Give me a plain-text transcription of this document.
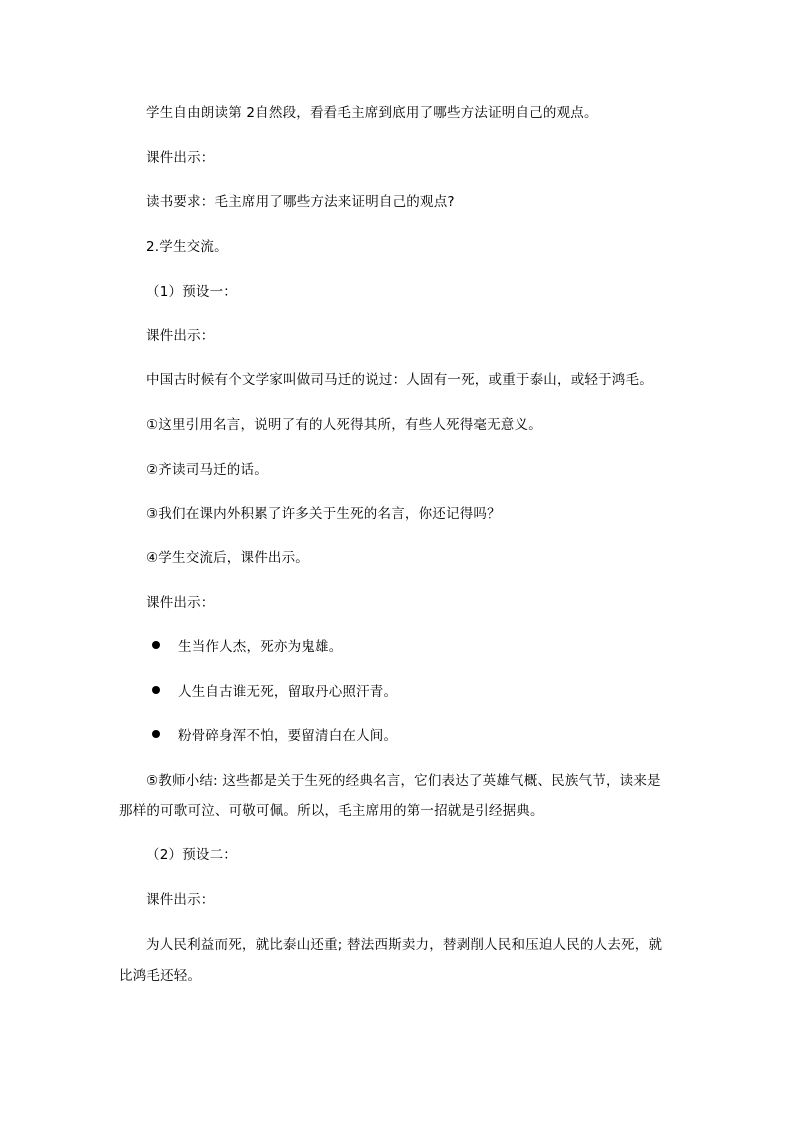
学生自由朗读第 2自然段，看看毛主席到底用了哪些方法证明自己的观点。
课件出示：
读书要求：毛主席用了哪些方法来证明自己的观点?
2.学生交流。
（1）预设一：
课件出示：
中国古时候有个文学家叫做司马迁的说过：人固有一死，或重于泰山，或轻于鸿毛。
①这里引用名言，说明了有的人死得其所，有些人死得毫无意义。
②齐读司马迁的话。
③我们在课内外积累了许多关于生死的名言，你还记得吗？
④学生交流后，课件出示。
课件出示：
生当作人杰，死亦为鬼雄。
人生自古谁无死，留取丹心照汗青。
粉骨碎身浑不怕，要留清白在人间。
⑤教师小结: 这些都是关于生死的经典名言，它们表达了英雄气概、民族气节，读来是
那样的可歌可泣、可敬可佩。所以，毛主席用的第一招就是引经据典。
（2）预设二：
课件出示：
为人民利益而死，就比泰山还重; 替法西斯卖力，替剥削人民和压迫人民的人去死，就
比鸿毛还轻。
